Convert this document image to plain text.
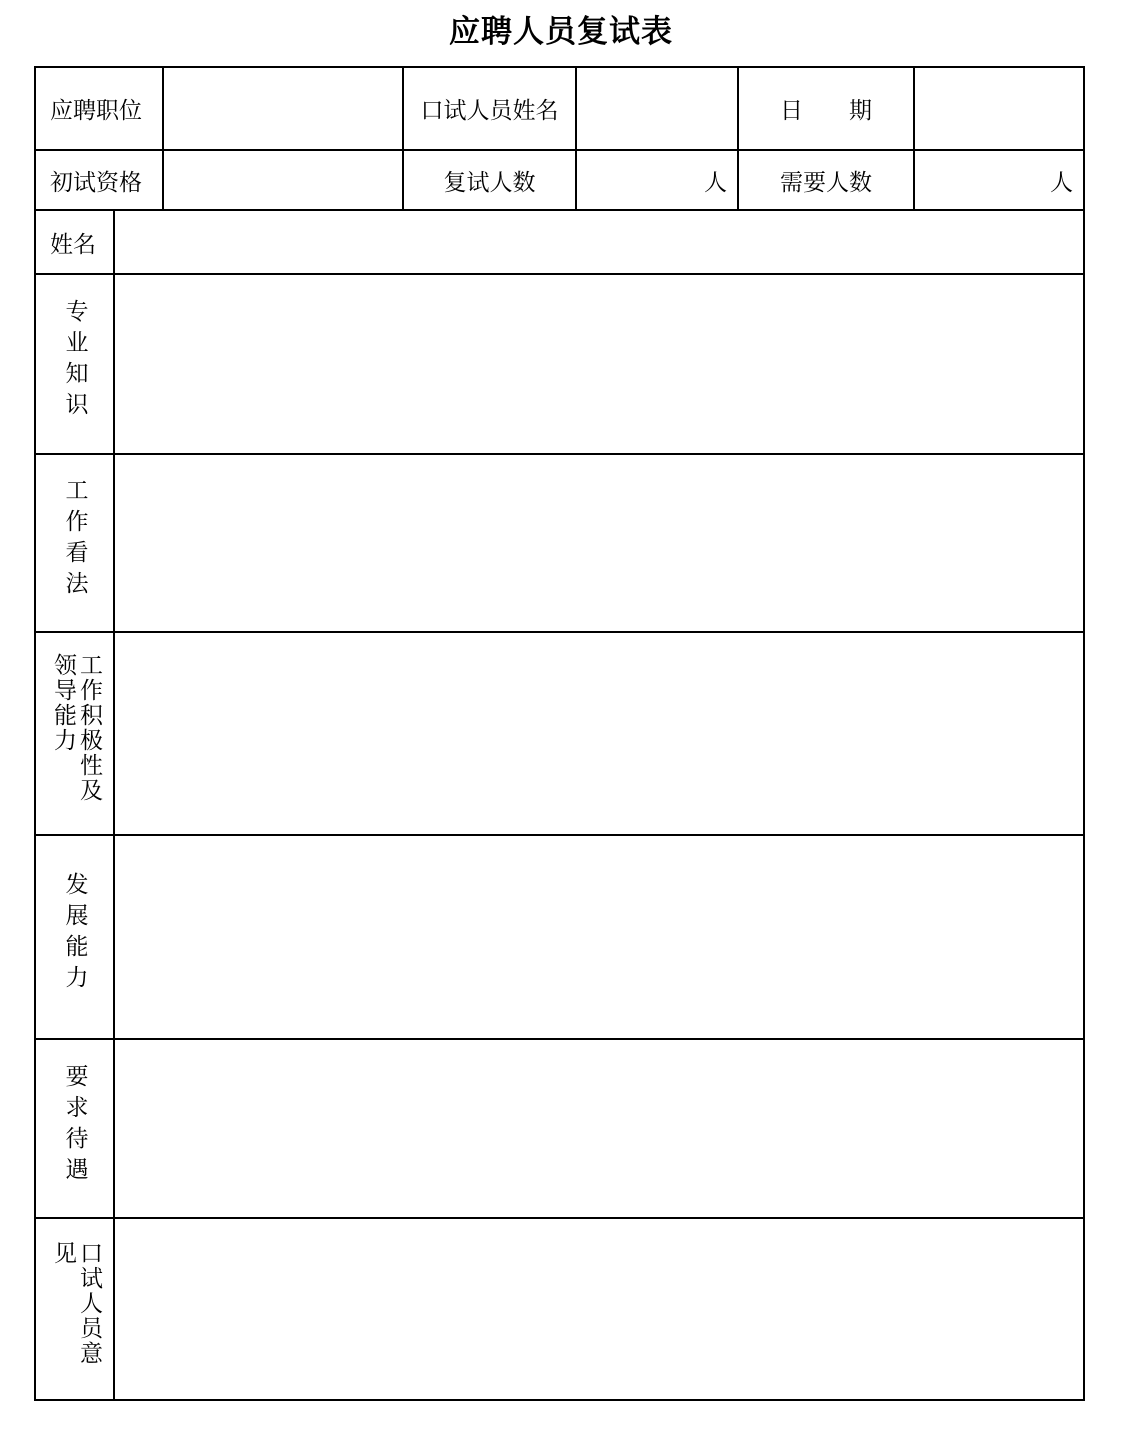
应聘人员复试表
应聘职位			口试人员姓名		日　　期	
初试资格			复试人数	人	需要人数	人
姓名						
专业知识						
工作看法						
工作积极性及领导能力						
发展能力						
要求待遇						
口试人员意见						
